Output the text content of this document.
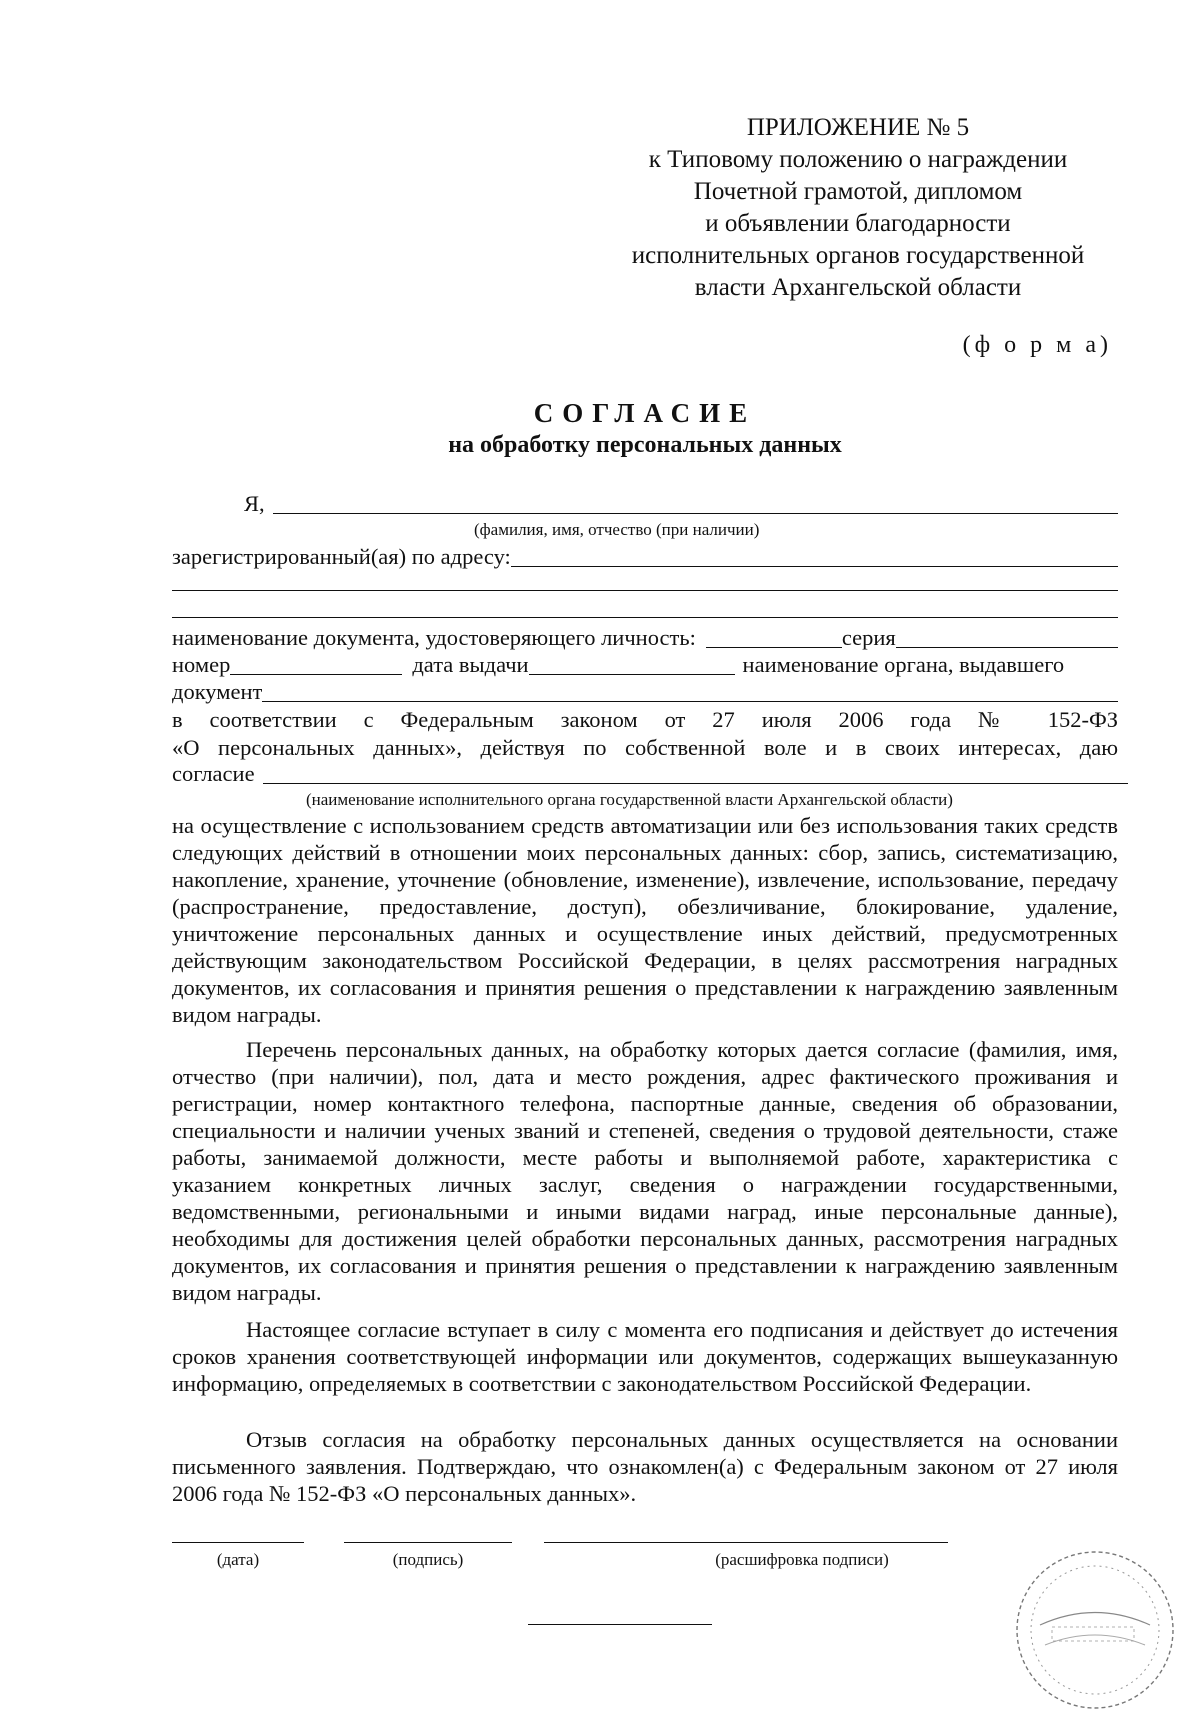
ПРИЛОЖЕНИЕ № 5
к Типовому положению о награждении
Почетной грамотой, дипломом
и объявлении благодарности
исполнительных органов государственной
власти Архангельской области
(ф о р м а)
СОГЛАСИЕ
на обработку персональных данных
Я,
(фамилия, имя, отчество (при наличии)
зарегистрированный(ая) по адресу:
наименование документа, удостоверяющего личность:	серия
номер	дата выдачи	наименование органа, выдавшего
документ
в соответствии с Федеральным законом от 27 июля 2006 года № 152-ФЗ
«О персональных данных», действуя по собственной воле и в своих интересах, даю
согласие
(наименование исполнительного органа государственной власти Архангельской области)

на осуществление с использованием средств автоматизации или без использования таких средств следующих действий в отношении моих персональных данных: сбор, запись, систематизацию, накопление, хранение, уточнение (обновление, изменение), извлечение, использование, передачу (распространение, предоставление, доступ), обезличивание, блокирование, удаление, уничтожение персональных данных и осуществление иных действий, предусмотренных действующим законодательством Российской Федерации, в целях рассмотрения наградных документов, их согласования и принятия решения о представлении к награждению заявленным видом награды.

Перечень персональных данных, на обработку которых дается согласие (фамилия, имя, отчество (при наличии), пол, дата и место рождения, адрес фактического проживания и регистрации, номер контактного телефона, паспортные данные, сведения об образовании, специальности и наличии ученых званий и степеней, сведения о трудовой деятельности, стаже работы, занимаемой должности, месте работы и выполняемой работе, характеристика с указанием конкретных личных заслуг, сведения о награждении государственными, ведомственными, региональными и иными видами наград, иные персональные данные), необходимы для достижения целей обработки персональных данных, рассмотрения наградных документов, их согласования и принятия решения о представлении к награждению заявленным видом награды.

Настоящее согласие вступает в силу с момента его подписания и действует до истечения сроков хранения соответствующей информации или документов, содержащих вышеуказанную информацию, определяемых в соответствии с законодательством Российской Федерации.

Отзыв согласия на обработку персональных данных осуществляется на основании письменного заявления. Подтверждаю, что ознакомлен(а) с Федеральным законом от 27 июля 2006 года № 152-ФЗ «О персональных данных».

(дата)	(подпись)	(расшифровка подписи)
